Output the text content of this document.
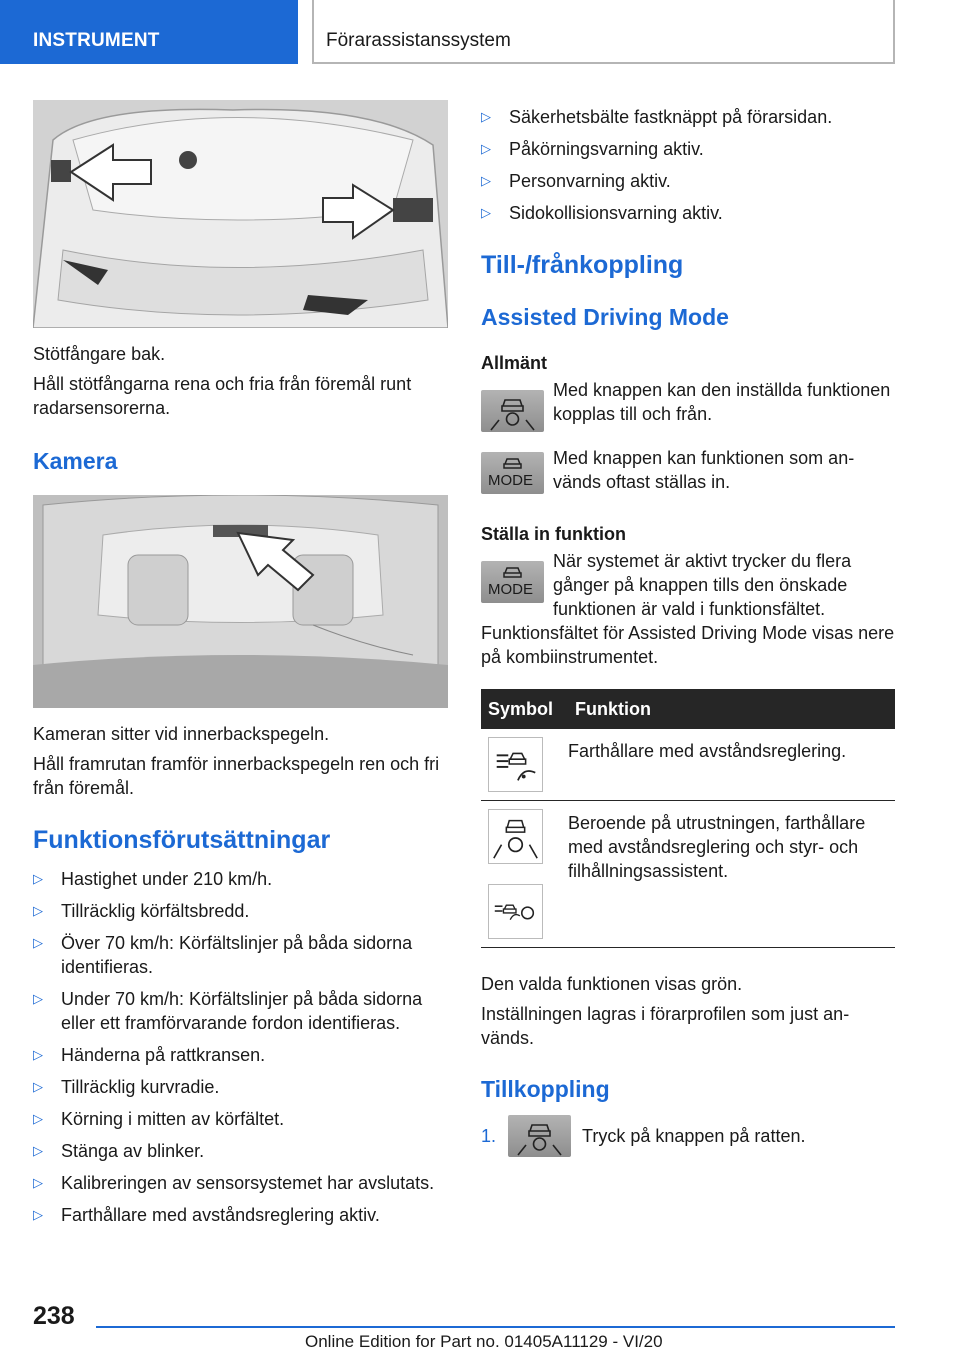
INSTRUMENT	Förarassistanssystem

Stötfångare bak.

Håll stötfångarna rena och fria från föremål runt radarsensorerna.

Kamera

Kameran sitter vid innerbackspegeln.

Håll framrutan framför innerbackspegeln ren och fri från föremål.

Funktionsförutsättningar
▷ Hastighet under 210 km/h.
▷ Tillräcklig körfältsbredd.
▷ Över 70 km/h: Körfältslinjer på båda sidorna identifieras.
▷ Under 70 km/h: Körfältslinjer på båda sidorna eller ett framförvarande fordon identifieras.
▷ Händerna på rattkransen.
▷ Tillräcklig kurvradie.
▷ Körning i mitten av körfältet.
▷ Stänga av blinker.
▷ Kalibreringen av sensorsystemet har avslutats.
▷ Farthållare med avståndsreglering aktiv.
▷ Säkerhetsbälte fastknäppt på förarsidan.
▷ Påkörningsvarning aktiv.
▷ Personvarning aktiv.
▷ Sidokollisionsvarning aktiv.
Till-/frånkoppling
Assisted Driving Mode
Allmänt

Med knappen kan den inställda funktionen kopplas till och från.

MODE

Med knappen kan funktionen som används oftast ställas in.

Ställa in funktion
MODE

När systemet är aktivt trycker du flera gånger på knappen tills den önskade funktionen är vald i funktionsfältet. Funktionsfältet för Assisted Driving Mode visas nere på kombiinstrumentet.

Symbol	Funktion

	Farthållare med avståndsreglering.

	Beroende på utrustningen, farthållare med avståndsreglering och styr- och filhållningsassistent.

Den valda funktionen visas grön.

Inställningen lagras i förarprofilen som just används.

Tillkoppling
1.	Tryck på knappen på ratten.
238
Online Edition for Part no. 01405A11129 - VI/20
